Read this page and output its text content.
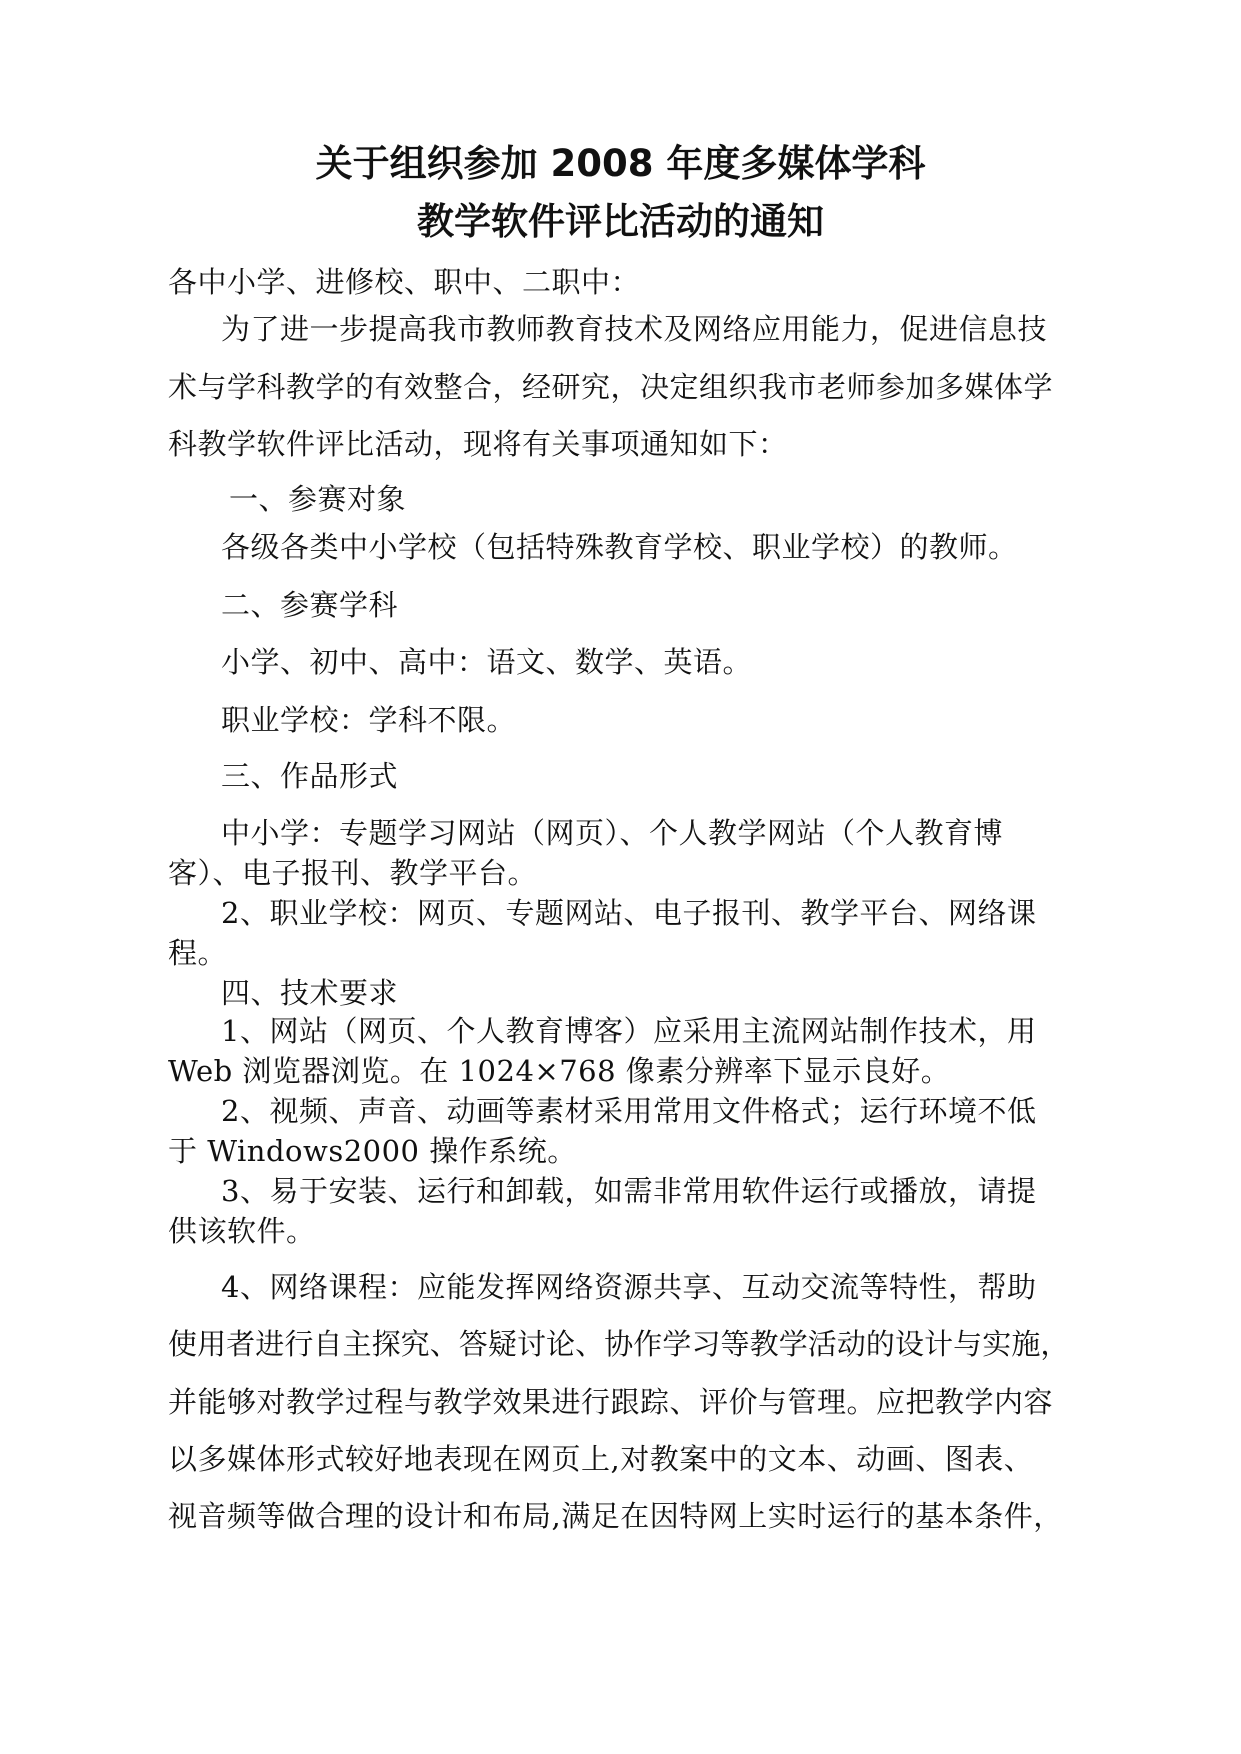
关于组织参加 2008 年度多媒体学科
教学软件评比活动的通知
各中小学、进修校、职中、二职中：
为了进一步提高我市教师教育技术及网络应用能力，促进信息技
术与学科教学的有效整合，经研究，决定组织我市老师参加多媒体学
科教学软件评比活动，现将有关事项通知如下：
一、参赛对象
各级各类中小学校（包括特殊教育学校、职业学校）的教师。
二、参赛学科
小学、初中、高中：语文、数学、英语。
职业学校：学科不限。
三、作品形式
中小学：专题学习网站（网页）、个人教学网站（个人教育博
客）、电子报刊、教学平台。
2、职业学校：网页、专题网站、电子报刊、教学平台、网络课
程。
四、技术要求
1、网站（网页、个人教育博客）应采用主流网站制作技术，用
Web 浏览器浏览。在 1024×768 像素分辨率下显示良好。
2、视频、声音、动画等素材采用常用文件格式；运行环境不低
于 Windows2000 操作系统。
3、易于安装、运行和卸载，如需非常用软件运行或播放，请提
供该软件。
4、网络课程：应能发挥网络资源共享、互动交流等特性，帮助
使用者进行自主探究、答疑讨论、协作学习等教学活动的设计与实施，
并能够对教学过程与教学效果进行跟踪、评价与管理。应把教学内容
以多媒体形式较好地表现在网页上,对教案中的文本、动画、图表、
视音频等做合理的设计和布局,满足在因特网上实时运行的基本条件，
